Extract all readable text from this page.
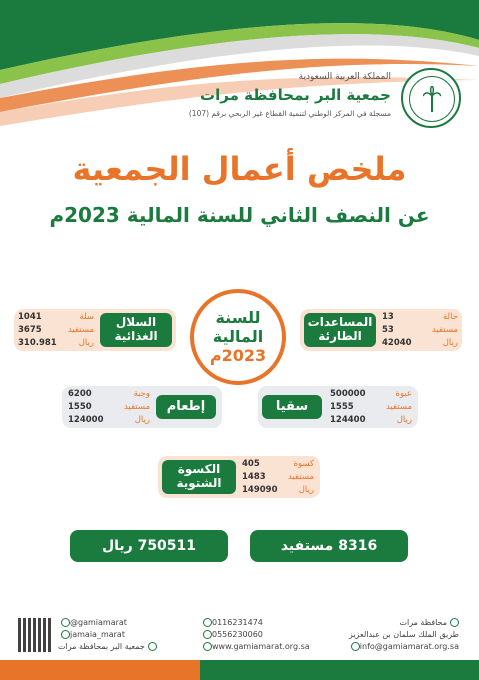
المملكة العربية السعودية
جمعية البر بمحافظة مرات
مسجلة في المركز الوطني لتنمية القطاع غير الربحي برقم (107)
ملخص أعمال الجمعية
عن النصف الثاني للسنة المالية 2023م
المساعدات الطارئة
حالة
13
مستفيد
53
ريال
42040
السلال الغذائية
سلة
1041
مستفيد
3675
ريال
310.981
للسنة
المالية
2023م
سقيا
عبوة
500000
مستفيد
1555
ريال
124400
إطعام
وجبة
6200
مستفيد
1550
ريال
124000
الكسوة الشتوية
كسوة
405
مستفيد
1483
ريال
149090
8316 مستفيد
750511 ريال
محافظة مرات
طريق الملك سلمان بن عبدالعزيز
info@gamiamarat.org.sa
0116231474
0556230060
www.gamiamarat.org.sa
@gamiamarat
jamaia_marat
جمعية البر بمحافظة مرات
